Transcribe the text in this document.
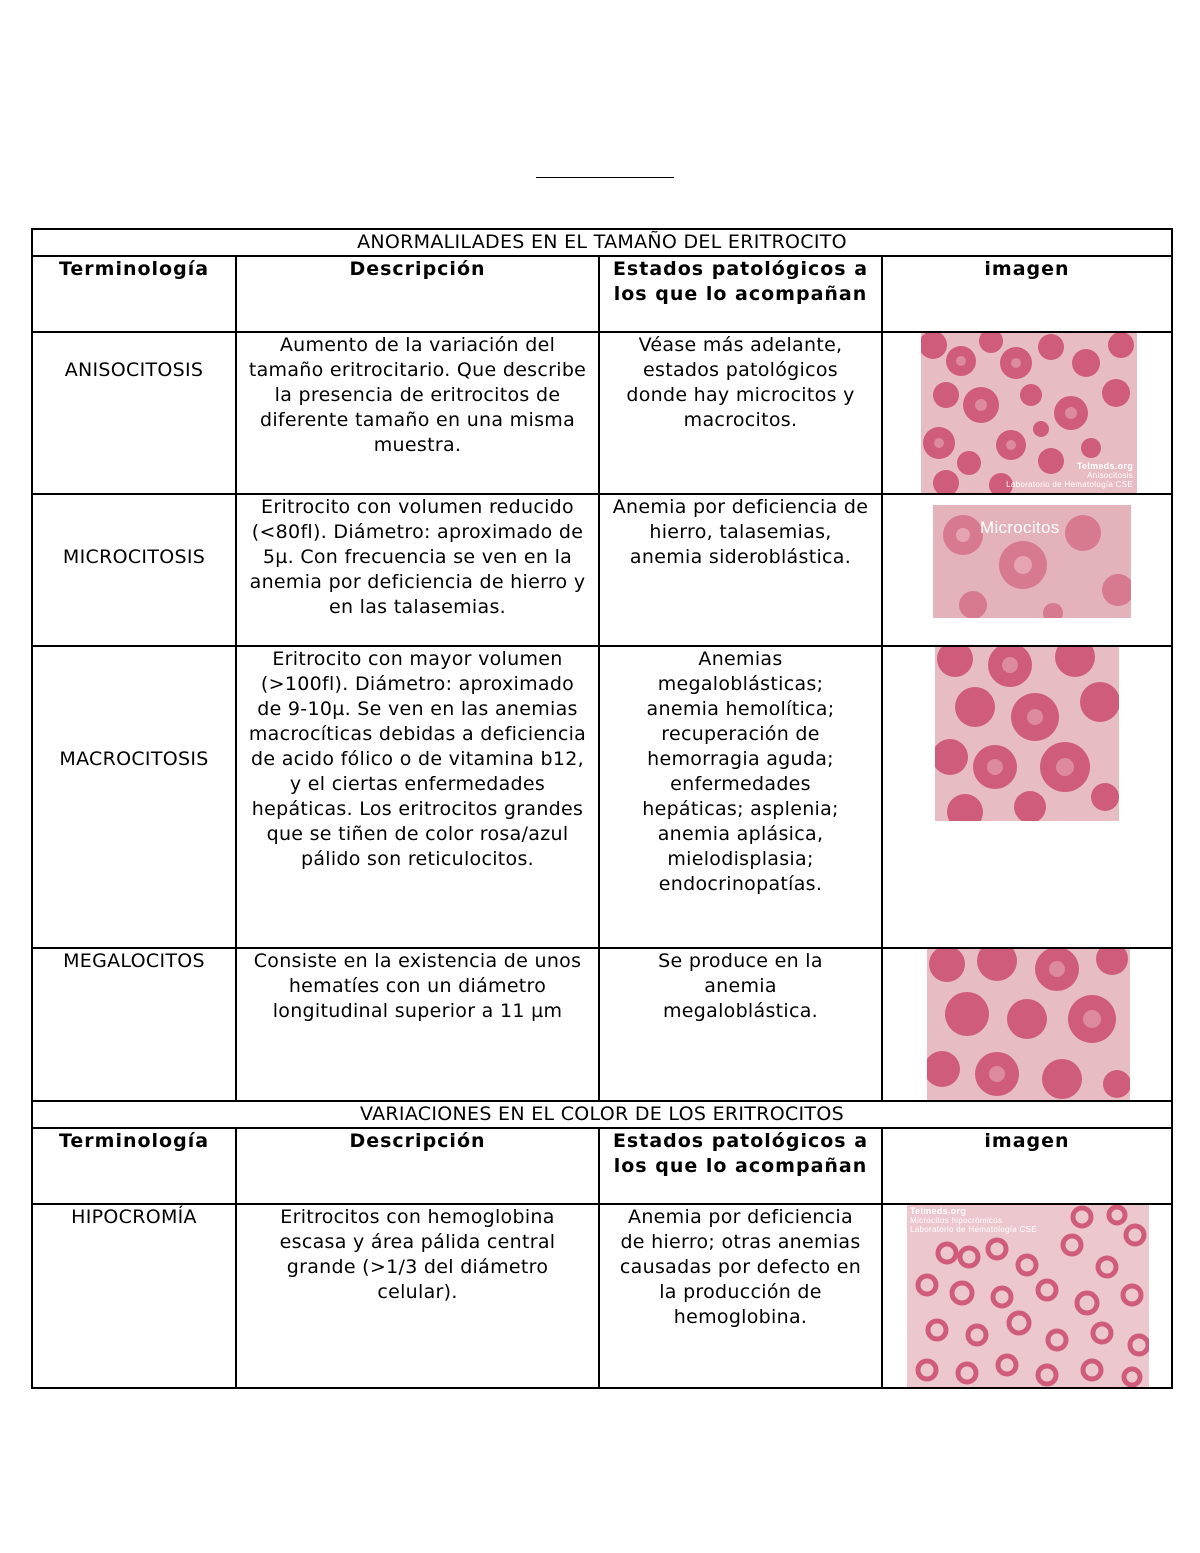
ANORMALILADES EN EL TAMAÑO DEL ERITROCITO			
Terminología	Descripción	Estados patológicos a los que lo acompañan	imagen
ANISOCITOSIS	Aumento de la variación del tamaño eritrocitario. Que describe la presencia de eritrocitos de diferente tamaño en una misma muestra.	Véase más adelante, estados patológicos donde hay microcitos y macrocitos.	Telmeds.org
Anisocitosis
Laboratorio de Hematología CSE

MICROCITOSIS	Eritrocito con volumen reducido (<80fl). Diámetro: aproximado de 5µ. Con frecuencia se ven en la anemia por deficiencia de hierro y en las talasemias.	Anemia por deficiencia de hierro, talasemias, anemia sideroblástica.	Microcitos

MACROCITOSIS	Eritrocito con mayor volumen (>100fl). Diámetro: aproximado de 9-10µ. Se ven en las anemias macrocíticas debidas a deficiencia de acido fólico o de vitamina b12, y el ciertas enfermedades hepáticas. Los eritrocitos grandes que se tiñen de color rosa/azul pálido son reticulocitos.	Anemias megaloblásticas; anemia hemolítica; recuperación de hemorragia aguda; enfermedades hepáticas; asplenia; anemia aplásica, mielodisplasia; endocrinopatías.	

MEGALOCITOS	Consiste en la existencia de unos hematíes con un diámetro longitudinal superior a 11 µm	Se produce en la anemia megaloblástica.	

VARIACIONES EN EL COLOR DE LOS ERITROCITOS			
Terminología	Descripción	Estados patológicos a los que lo acompañan	imagen
HIPOCROMÍA	Eritrocitos con hemoglobina escasa y área pálida central grande (>1/3 del diámetro celular).	Anemia por deficiencia de hierro; otras anemias causadas por defecto en la producción de hemoglobina.	Telmeds.org
Microcitos hipocrómicos
Laboratorio de Hematología CSE
